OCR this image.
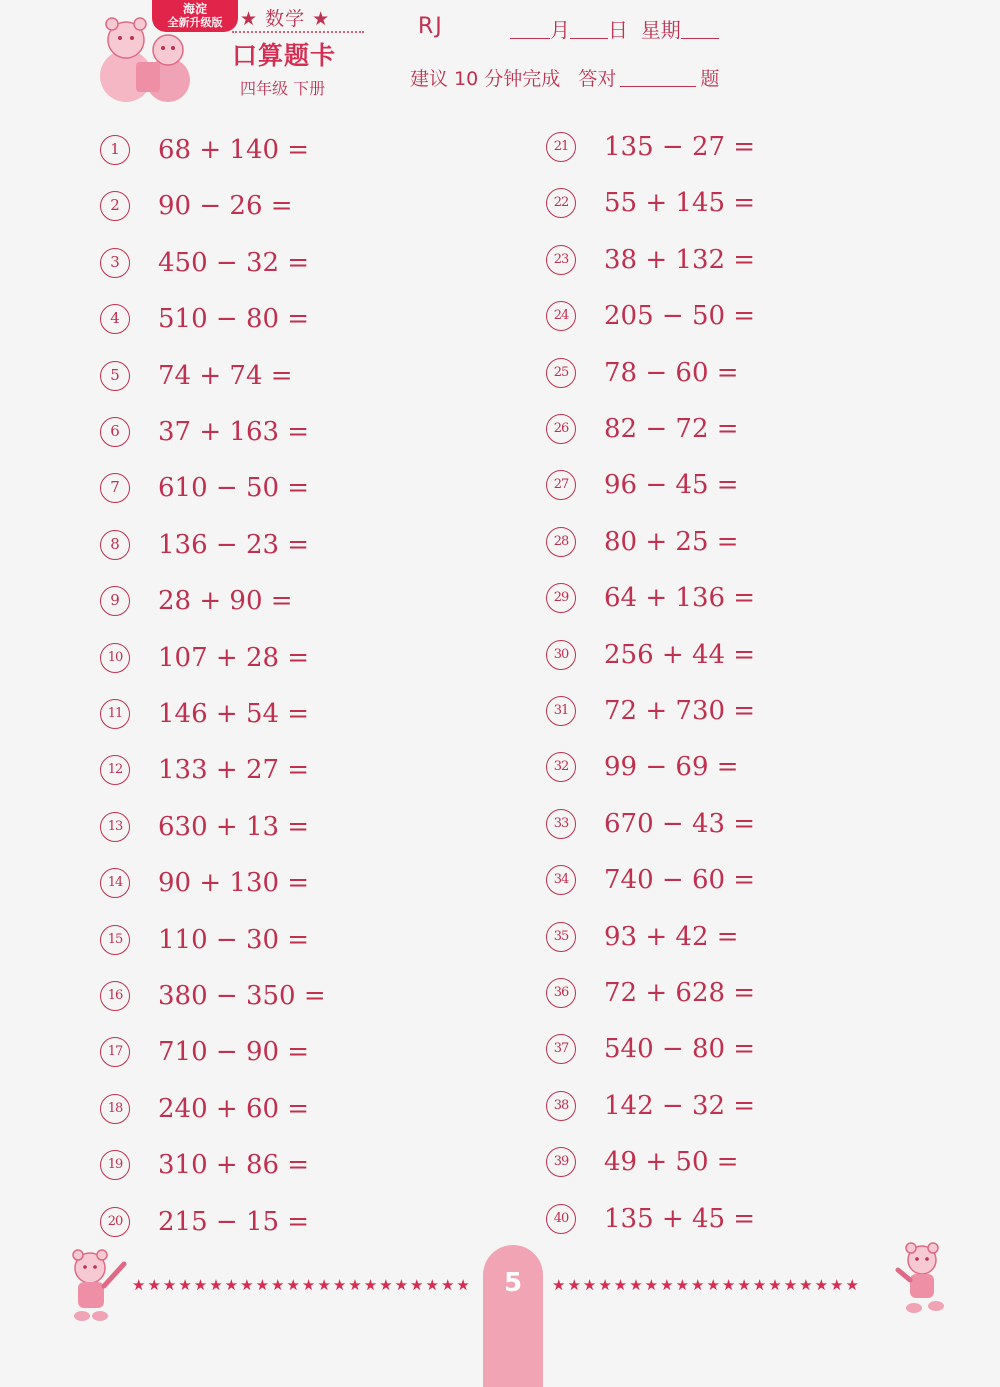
海淀
全新升级版 ★ 数学 ★
口算题卡
四年级 下册
RJ	月 日 星期
建议 10 分钟完成 答对	题
1	68 + 140 =
2	90 − 26 =
3	450 − 32 =
4	510 − 80 =
5	74 + 74 =
6	37 + 163 =
7	610 − 50 =
8	136 − 23 =
9	28 + 90 =
10 107 + 28 =
11 146 + 54 =
12 133 + 27 =
13 630 + 13 =
14 90 + 130 =
15 110 − 30 =
16 380 − 350 =
17 710 − 90 =
18 240 + 60 =
19 310 + 86 =
20 215 − 15 =
21 135 − 27 =
22 55 + 145 =
23 38 + 132 =
24 205 − 50 =
25 78 − 60 =
26 82 − 72 =
27 96 − 45 =
28 80 + 25 =
29 64 + 136 =
30 256 + 44 =
31 72 + 730 =
32 99 − 69 =
33 670 − 43 =
34 740 − 60 =
35 93 + 42 =
36 72 + 628 =
37 540 − 80 =
38 142 − 32 =
39 49 + 50 =
40 135 + 45 =
★★★★★★★★★★★★★★★★★★★★★★	5	★★★★★★★★★★★★★★★★★★★★
